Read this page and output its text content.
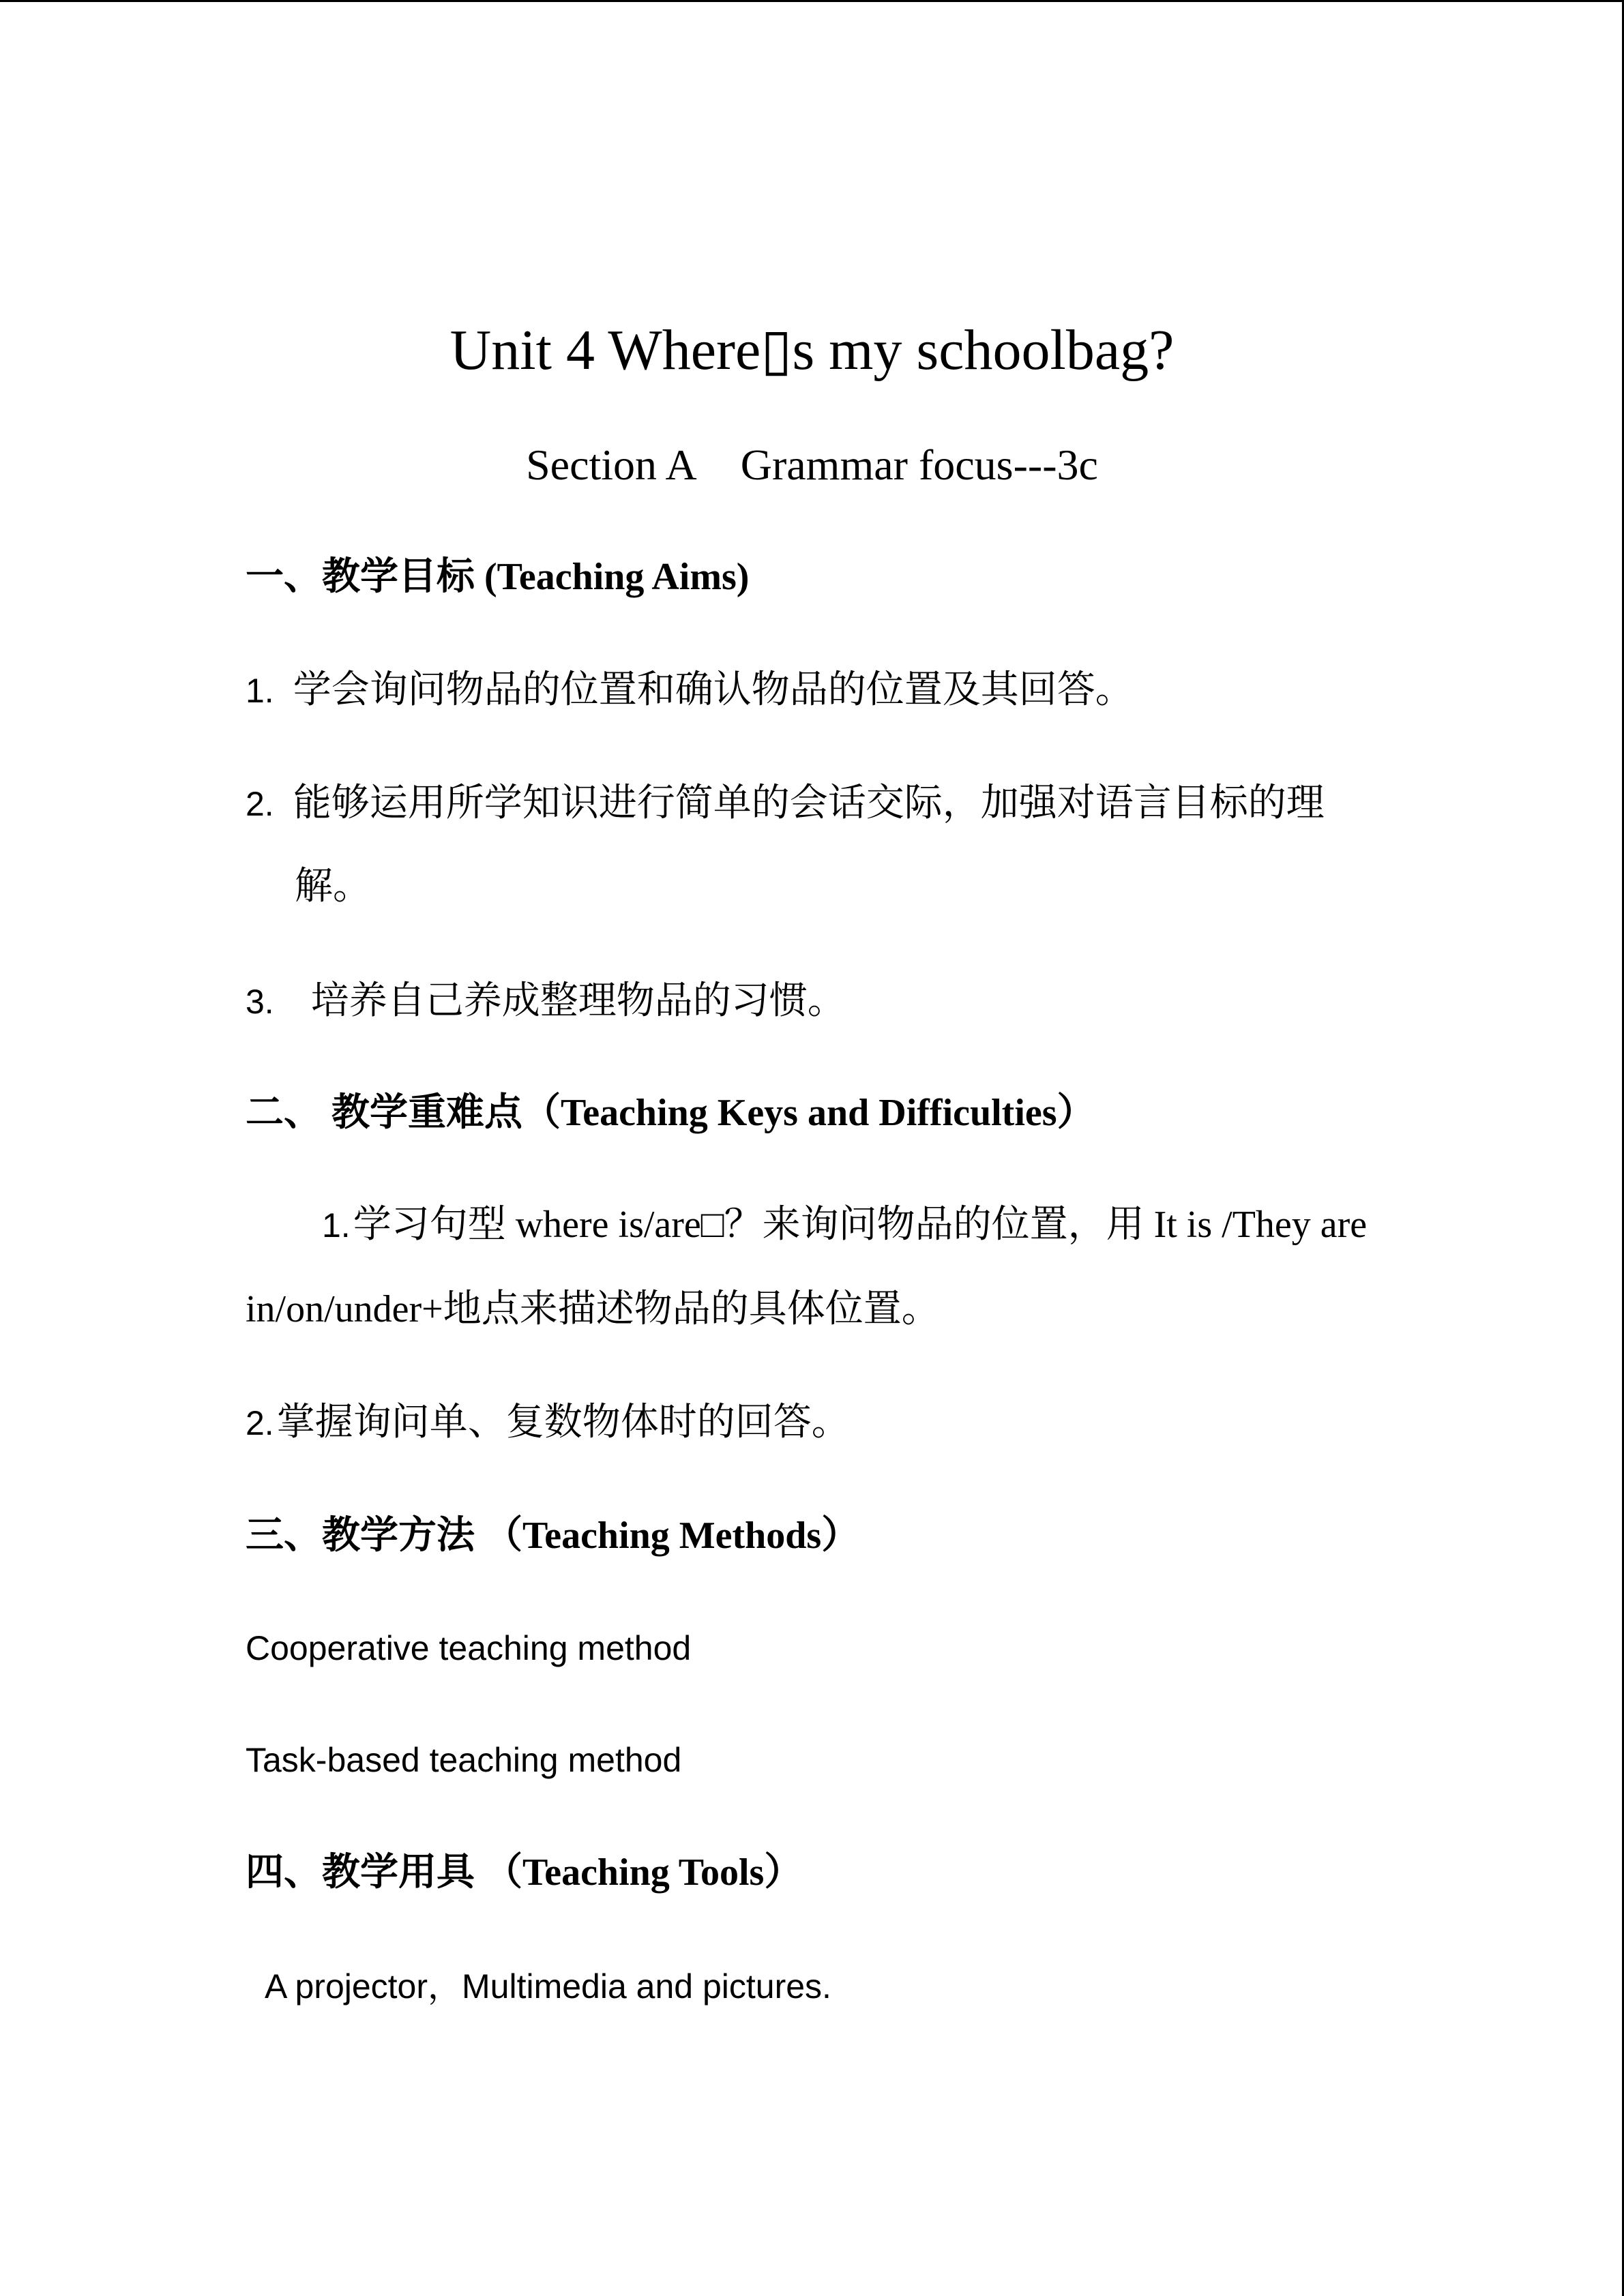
Unit 4 Where▯s my schoolbag?
Section A    Grammar focus---3c
一、教学目标 (Teaching Aims)
1. 学会询问物品的位置和确认物品的位置及其回答。
2. 能够运用所学知识进行简单的会话交际，加强对语言目标的理
解。
3. 培养自己养成整理物品的习惯。
二、 教学重难点（Teaching Keys and Difficulties）
1. 学习句型 where is/are□？来询问物品的位置，用 It is /They are
in/on/under+地点来描述物品的具体位置。
2. 掌握询问单、复数物体时的回答。
三、教学方法 （Teaching Methods）
Cooperative teaching method
Task-based teaching method
四、教学用具 （Teaching Tools）
A projector，Multimedia and pictures.
